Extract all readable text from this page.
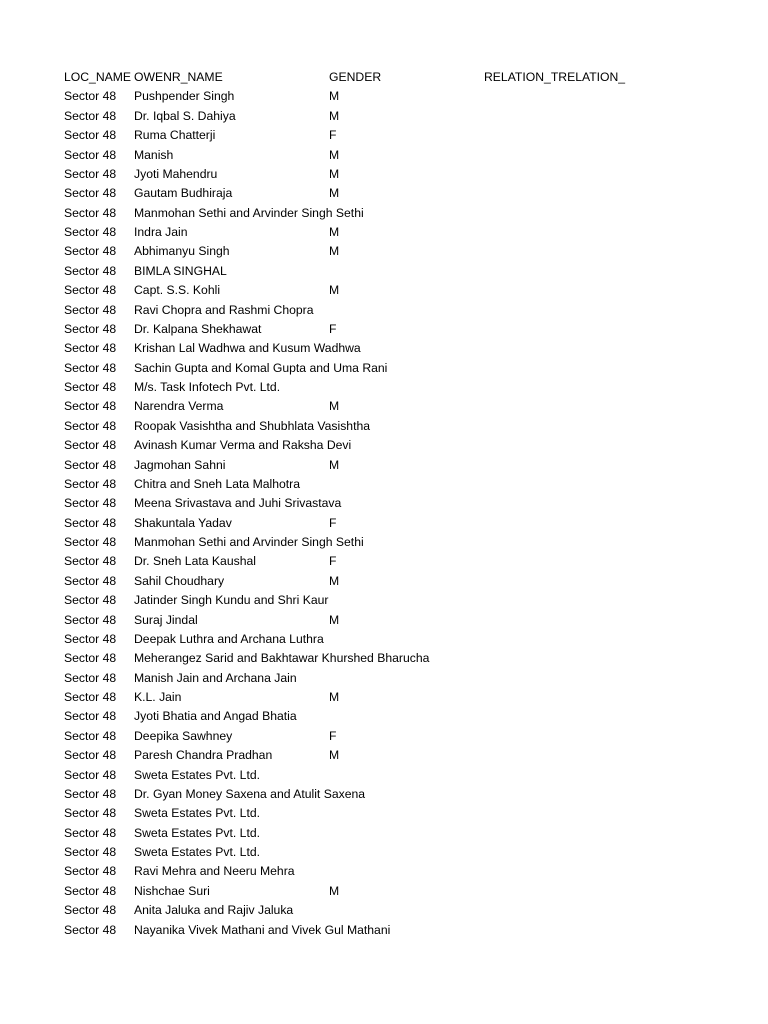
LOC_NAME OWENR_NAME	GENDER	RELATION_TRELATION_
Sector 48 Pushpender Singh	M
Sector 48 Dr. Iqbal S. Dahiya	M
Sector 48 Ruma Chatterji	F
Sector 48 Manish	M
Sector 48 Jyoti Mahendru	M
Sector 48 Gautam Budhiraja	M
Sector 48 Manmohan Sethi and Arvinder Singh Sethi
Sector 48 Indra Jain	M
Sector 48 Abhimanyu Singh	M
Sector 48 BIMLA SINGHAL
Sector 48 Capt. S.S. Kohli	M
Sector 48 Ravi Chopra and Rashmi Chopra
Sector 48 Dr. Kalpana Shekhawat	F
Sector 48 Krishan Lal Wadhwa and Kusum Wadhwa
Sector 48 Sachin Gupta and Komal Gupta and Uma Rani
Sector 48 M/s. Task Infotech Pvt. Ltd.
Sector 48 Narendra Verma	M
Sector 48 Roopak Vasishtha and Shubhlata Vasishtha
Sector 48 Avinash Kumar Verma and Raksha Devi
Sector 48 Jagmohan Sahni	M
Sector 48 Chitra and Sneh Lata Malhotra
Sector 48 Meena Srivastava and Juhi Srivastava
Sector 48 Shakuntala Yadav	F
Sector 48 Manmohan Sethi and Arvinder Singh Sethi
Sector 48 Dr. Sneh Lata Kaushal	F
Sector 48 Sahil Choudhary	M
Sector 48 Jatinder Singh Kundu and Shri Kaur
Sector 48 Suraj Jindal	M
Sector 48 Deepak Luthra and Archana Luthra
Sector 48 Meherangez Sarid and Bakhtawar Khurshed Bharucha
Sector 48 Manish Jain and Archana Jain
Sector 48 K.L. Jain	M
Sector 48 Jyoti Bhatia and Angad Bhatia
Sector 48 Deepika Sawhney	F
Sector 48 Paresh Chandra Pradhan	M
Sector 48 Sweta Estates Pvt. Ltd.
Sector 48 Dr. Gyan Money Saxena and Atulit Saxena
Sector 48 Sweta Estates Pvt. Ltd.
Sector 48 Sweta Estates Pvt. Ltd.
Sector 48 Sweta Estates Pvt. Ltd.
Sector 48 Ravi Mehra and Neeru Mehra
Sector 48 Nishchae Suri	M
Sector 48 Anita Jaluka and Rajiv Jaluka
Sector 48 Nayanika Vivek Mathani and Vivek Gul Mathani
